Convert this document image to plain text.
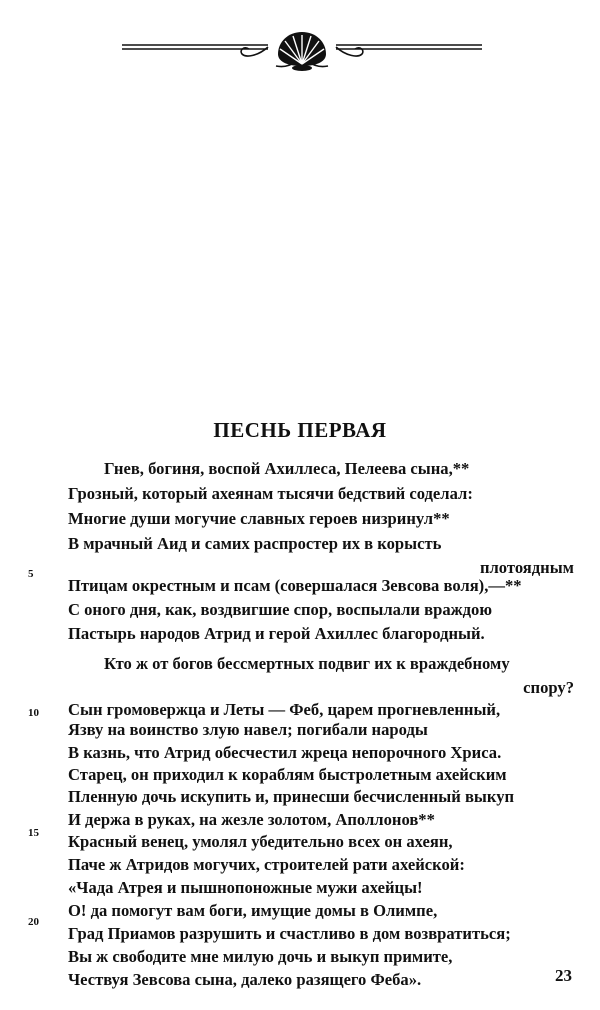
ПЕСНЬ ПЕРВАЯ
Гнев, богиня, воспой Ахиллеса, Пелеева сына,**
Грозный, который ахеянам тысячи бедствий соделал:
Многие души могучие славных героев низринул**
В мрачный Аид и самих распростер их в корысть
плотоядным
Птицам окрестным и псам (совершалася Зевсова воля),—**
С оного дня, как, воздвигшие спор, воспылали враждою
Пастырь народов Атрид и герой Ахиллес благородный.
Кто ж от богов бессмертных подвиг их к враждебному
спору?
Сын громовержца и Леты — Феб, царем прогневленный,
Язву на воинство злую навел; погибали народы
В казнь, что Атрид обесчестил жреца непорочного Хриса.
Старец, он приходил к кораблям быстролетным ахейским
Пленную дочь искупить и, принесши бесчисленный выкуп
И держа в руках, на жезле золотом, Аполлонов**
Красный венец, умолял убедительно всех он ахеян,
Паче ж Атридов могучих, строителей рати ахейской:
«Чада Атрея и пышнопоножные мужи ахейцы!
О! да помогут вам боги, имущие домы в Олимпе,
Град Приамов разрушить и счастливо в дом возвратиться;
Вы ж свободите мне милую дочь и выкуп примите,
Чествуя Зевсова сына, далеко разящего Феба».
5
10
15
20
23
